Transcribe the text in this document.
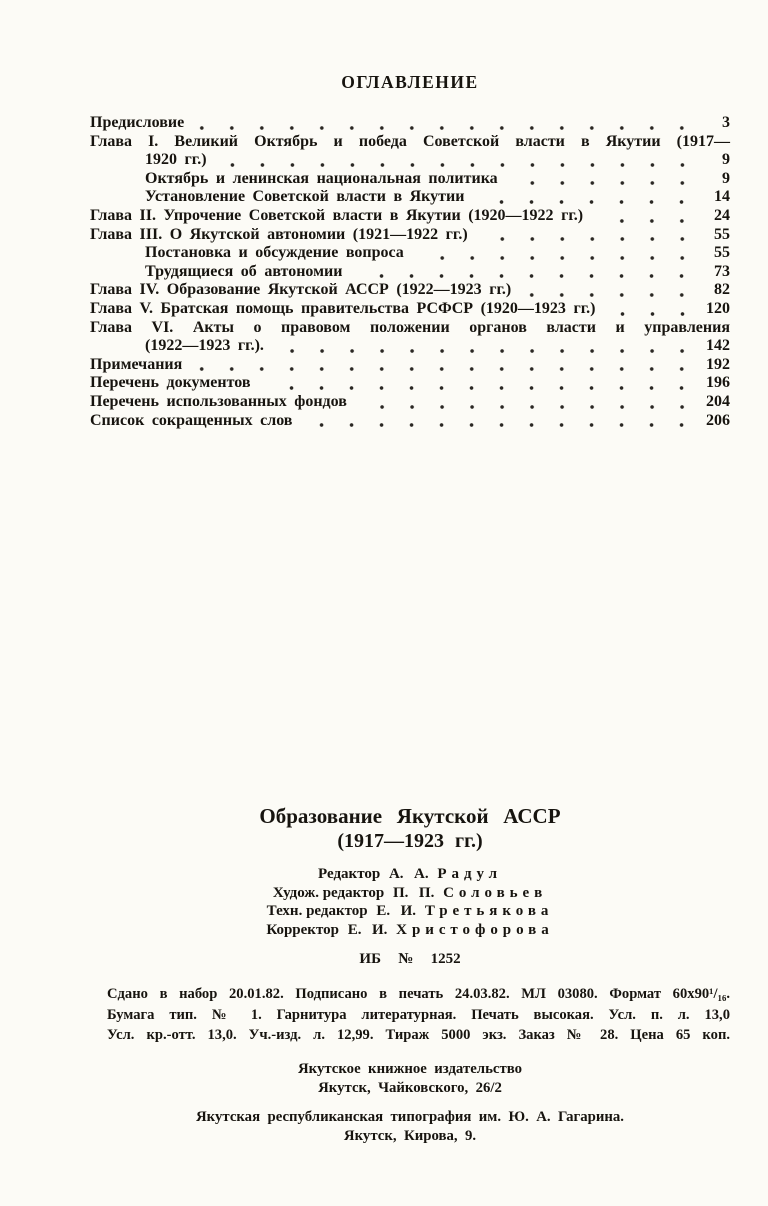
ОГЛАВЛЕНИЕ
Предисловие	3
Глава I. Великий Октябрь и победа Советской власти в Якутии (1917—
1920 гг.)	9
Октябрь и ленинская национальная политика	9
Установление Советской власти в Якутии	14
Глава II. Упрочение Советской власти в Якутии (1920—1922 гг.)	24
Глава III. О Якутской автономии (1921—1922 гг.)	55
Постановка и обсуждение вопроса	55
Трудящиеся об автономии	73
Глава IV. Образование Якутской АССР (1922—1923 гг.)	82
Глава V. Братская помощь правительства РСФСР (1920—1923 гг.)	120
Глава VI. Акты о правовом положении органов власти и управления
(1922—1923 гг.).	142
Примечания	192
Перечень документов	196
Перечень использованных фондов	204
Список сокращенных слов	206
Образование Якутской АССР
(1917—1923 гг.)
Редактор А. А. Радул
Худож. редактор П. П. Соловьев
Техн. редактор Е. И. Третьякова
Корректор Е. И. Христофорова
ИБ № 1252
Сдано в набор 20.01.82. Подписано в печать 24.03.82. МЛ 03080. Формат 60х90¹/₁₆.
Бумага тип. № 1. Гарнитура литературная. Печать высокая. Усл. п. л. 13,0
Усл. кр.-отт. 13,0. Уч.-изд. л. 12,99. Тираж 5000 экз. Заказ № 28. Цена 65 коп.
Якутское книжное издательство
Якутск, Чайковского, 26/2
Якутская республиканская типография им. Ю. А. Гагарина.
Якутск, Кирова, 9.
